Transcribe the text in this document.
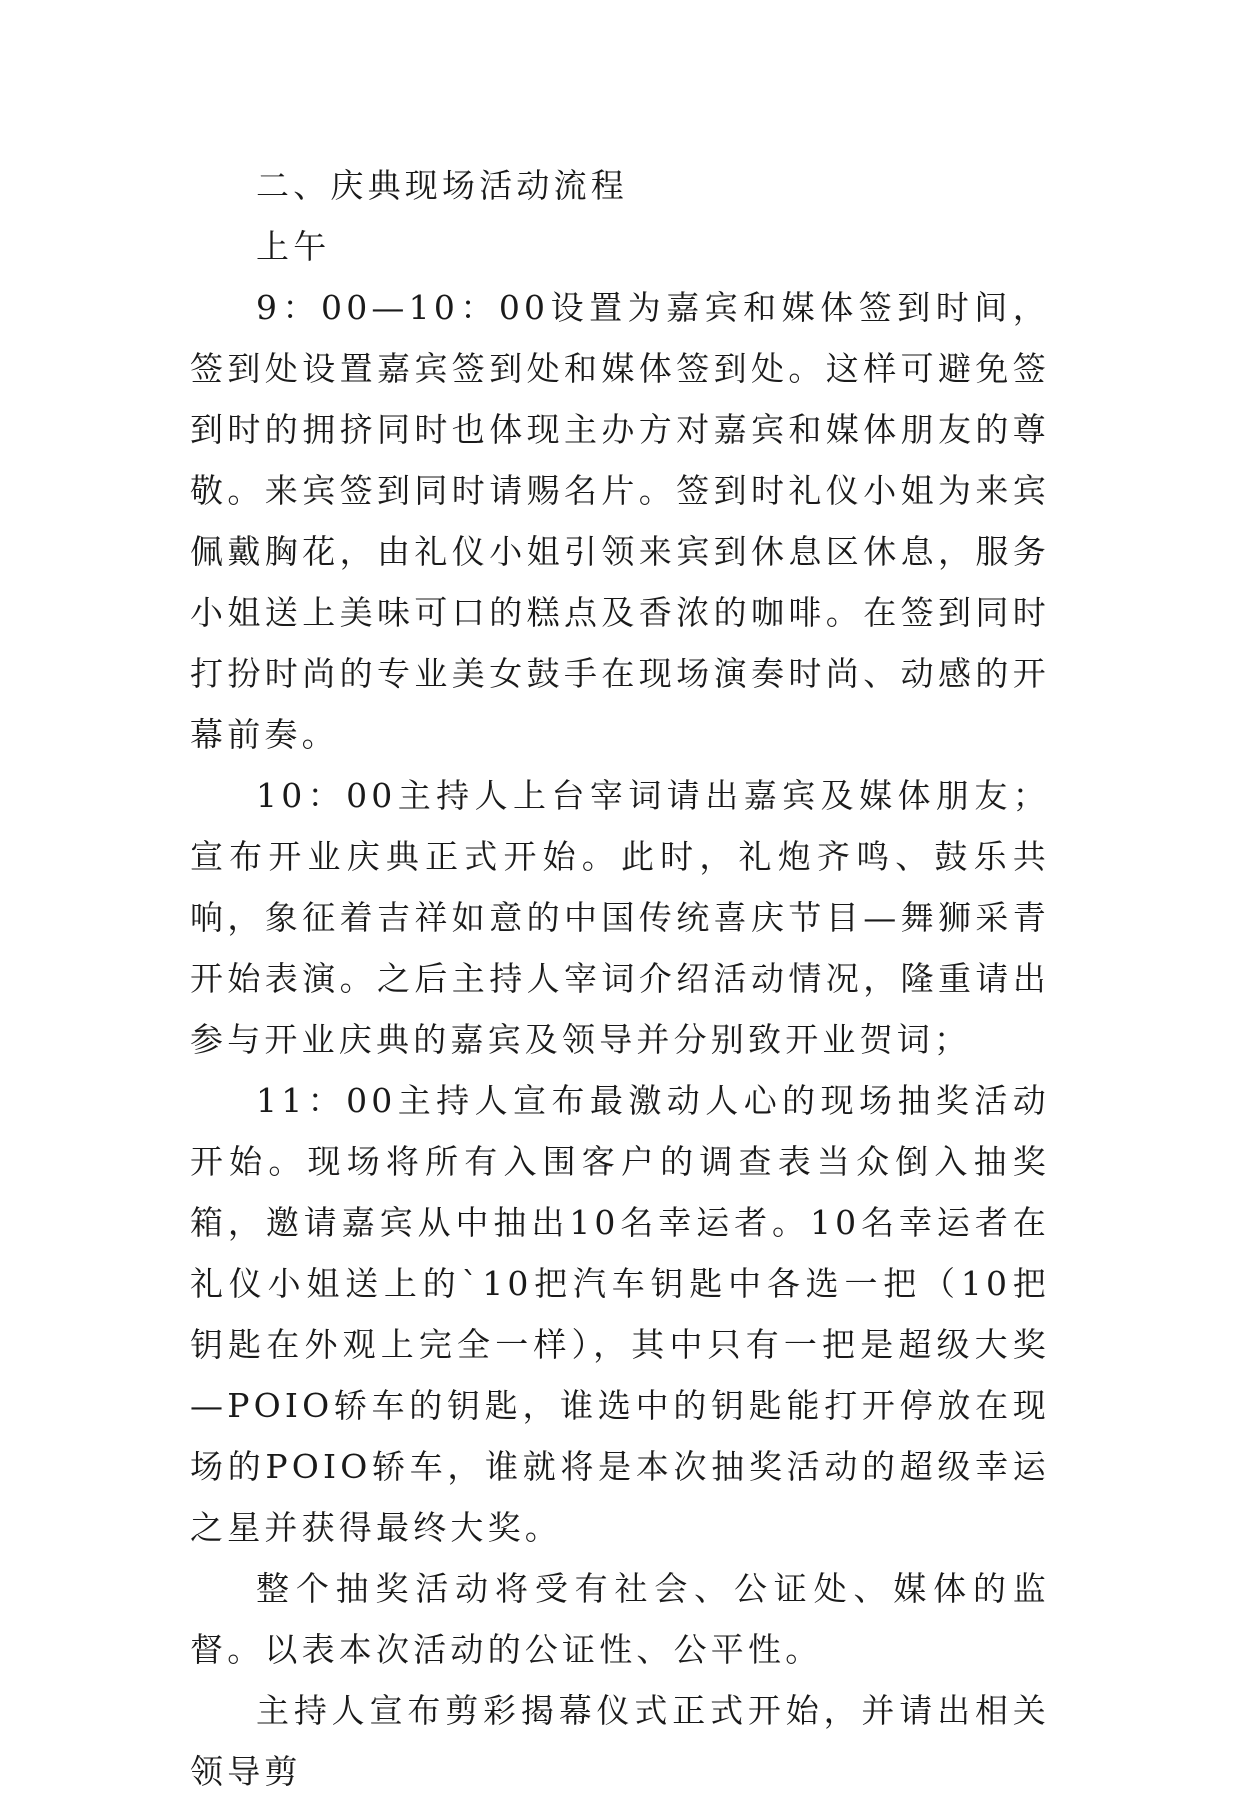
二、庆典现场活动流程

上午

9：00—10：00设置为嘉宾和媒体签到时间，签到处设置嘉宾签到处和媒体签到处。这样可避免签到时的拥挤同时也体现主办方对嘉宾和媒体朋友的尊敬。来宾签到同时请赐名片。签到时礼仪小姐为来宾佩戴胸花，由礼仪小姐引领来宾到休息区休息，服务小姐送上美味可口的糕点及香浓的咖啡。在签到同时打扮时尚的专业美女鼓手在现场演奏时尚、动感的开幕前奏。

10：00主持人上台宰词请出嘉宾及媒体朋友；宣布开业庆典正式开始。此时，礼炮齐鸣、鼓乐共响，象征着吉祥如意的中国传统喜庆节目—舞狮采青开始表演。之后主持人宰词介绍活动情况，隆重请出参与开业庆典的嘉宾及领导并分别致开业贺词；

11：00主持人宣布最激动人心的现场抽奖活动开始。现场将所有入围客户的调查表当众倒入抽奖箱，邀请嘉宾从中抽出10名幸运者。10名幸运者在礼仪小姐送上的`10把汽车钥匙中各选一把（10把钥匙在外观上完全一样），其中只有一把是超级大奖—POIO轿车的钥匙，谁选中的钥匙能打开停放在现场的POIO轿车，谁就将是本次抽奖活动的超级幸运之星并获得最终大奖。

整个抽奖活动将受有社会、公证处、媒体的监督。以表本次活动的公证性、公平性。

主持人宣布剪彩揭幕仪式正式开始，并请出相关领导剪
